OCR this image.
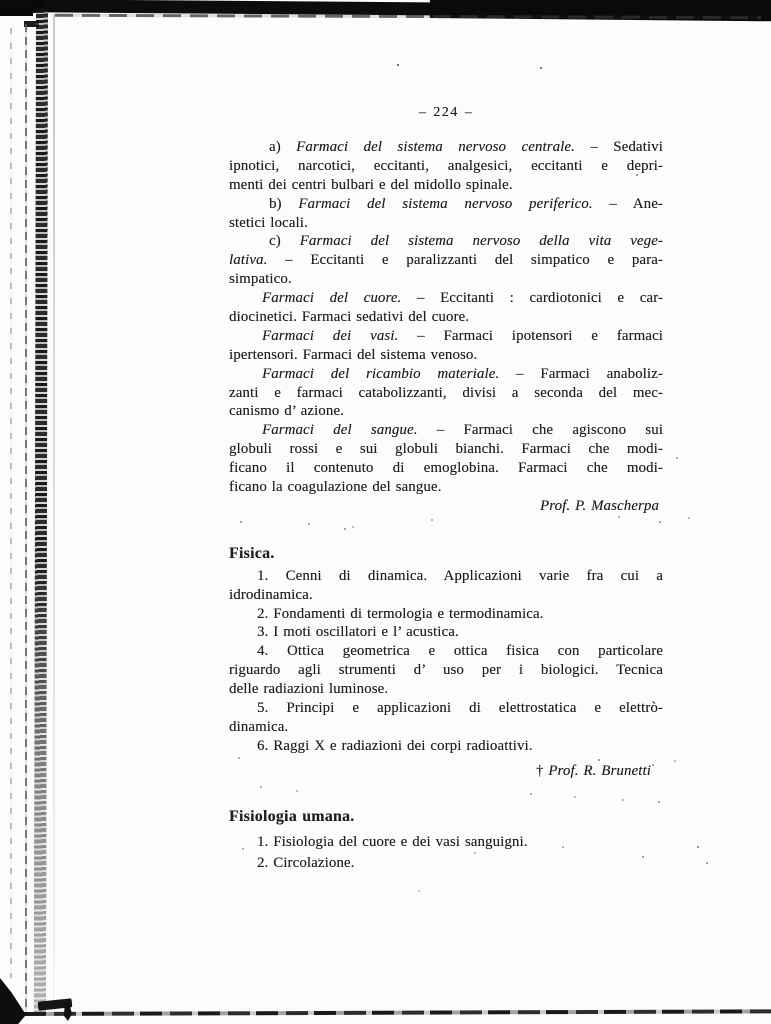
– 224 –
a) Farmaci del sistema nervoso centrale. – Sedativi
ipnotici, narcotici, eccitanti, analgesici, eccitanti e depri-
menti dei centri bulbari e del midollo spinale.
b) Farmaci del sistema nervoso periferico. – Ane-
stetici locali.
c) Farmaci del sistema nervoso della vita vege-
lativa. – Eccitanti e paralizzanti del simpatico e para-
simpatico.
Farmaci del cuore. – Eccitanti : cardiotonici e car-
diocinetici. Farmaci sedativi del cuore.
Farmaci dei vasi. – Farmaci ipotensori e farmaci
ipertensori. Farmaci del sistema venoso.
Farmaci del ricambio materiale. – Farmaci anaboliz-
zanti e farmaci catabolizzanti, divisi a seconda del mec-
canismo d’ azione.
Farmaci del sangue. – Farmaci che agiscono sui
globuli rossi e sui globuli bianchi. Farmaci che modi-
ficano il contenuto di emoglobina. Farmaci che modi-
ficano la coagulazione del sangue.
Prof. P. Mascherpa
Fisica.
1. Cenni di dinamica. Applicazioni varie fra cui a
idrodinamica.
2. Fondamenti di termologia e termodinamica.
3. I moti oscillatori e l’ acustica.
4. Ottica geometrica e ottica fisica con particolare
riguardo agli strumenti d’ uso per i biologici. Tecnica
delle radiazioni luminose.
5. Principi e applicazioni di elettrostatica e elettrò-
dinamica.
6. Raggi X e radiazioni dei corpi radioattivi.
† Prof. R. Brunetti
Fisiologia umana.
1. Fisiologia del cuore e dei vasi sanguigni.
2. Circolazione.
